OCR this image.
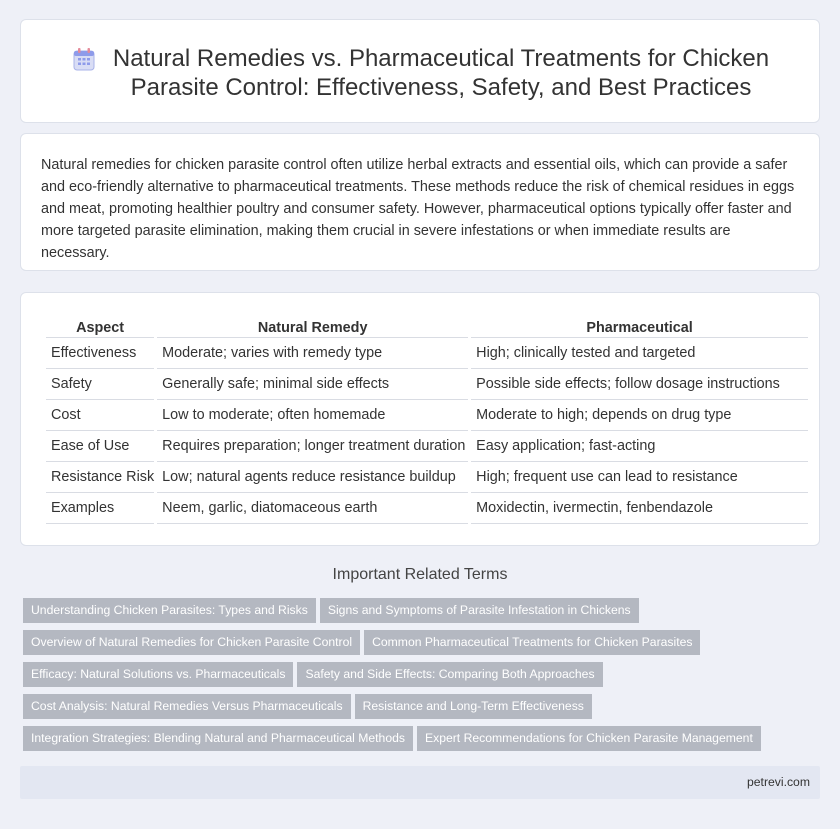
Natural Remedies vs. Pharmaceutical Treatments for Chicken Parasite Control: Effectiveness, Safety, and Best Practices

Natural remedies for chicken parasite control often utilize herbal extracts and essential oils, which can provide a safer and eco-friendly alternative to pharmaceutical treatments. These methods reduce the risk of chemical residues in eggs and meat, promoting healthier poultry and consumer safety. However, pharmaceutical options typically offer faster and more targeted parasite elimination, making them crucial in severe infestations or when immediate results are necessary.

Aspect	Natural Remedy	Pharmaceutical
Effectiveness	Moderate; varies with remedy type	High; clinically tested and targeted
Safety	Generally safe; minimal side effects	Possible side effects; follow dosage instructions
Cost	Low to moderate; often homemade	Moderate to high; depends on drug type
Ease of Use	Requires preparation; longer treatment duration	Easy application; fast-acting
Resistance Risk	Low; natural agents reduce resistance buildup	High; frequent use can lead to resistance
Examples	Neem, garlic, diatomaceous earth	Moxidectin, ivermectin, fenbendazole
Important Related Terms
Understanding Chicken Parasites: Types and Risks Signs and Symptoms of Parasite Infestation in Chickens
Overview of Natural Remedies for Chicken Parasite Control Common Pharmaceutical Treatments for Chicken Parasites
Efficacy: Natural Solutions vs. Pharmaceuticals Safety and Side Effects: Comparing Both Approaches
Cost Analysis: Natural Remedies Versus Pharmaceuticals Resistance and Long-Term Effectiveness
Integration Strategies: Blending Natural and Pharmaceutical Methods Expert Recommendations for Chicken Parasite Management
petrevi.com
